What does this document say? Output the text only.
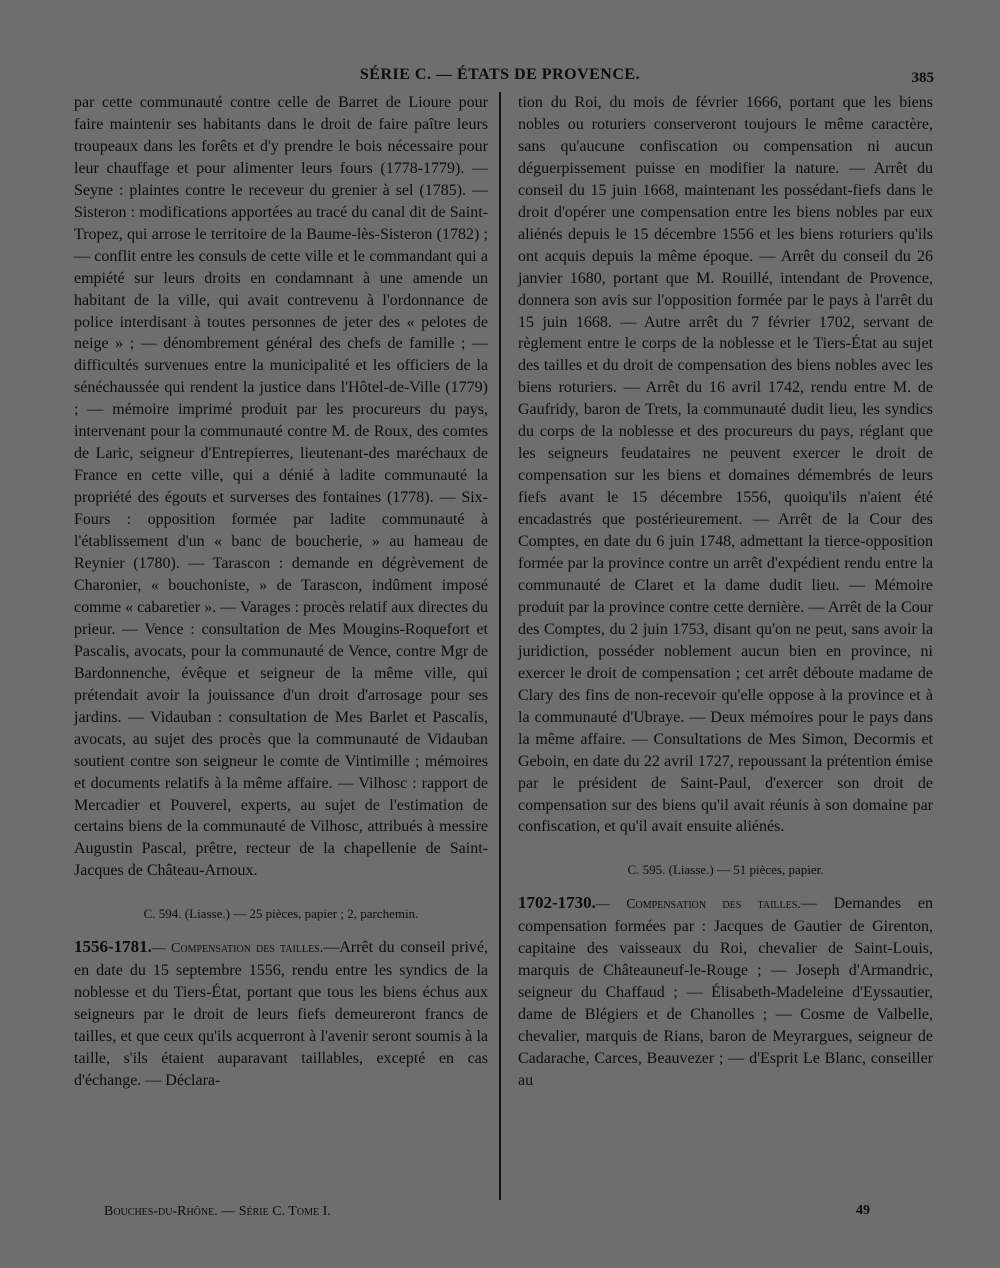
SÉRIE C. — ÉTATS DE PROVENCE.	385

par cette communauté contre celle de Barret de Lioure pour faire maintenir ses habitants dans le droit de faire paître leurs troupeaux dans les forêts et d'y prendre le bois nécessaire pour leur chauffage et pour alimenter leurs fours (1778-1779). — Seyne : plaintes contre le receveur du grenier à sel (1785). — Sisteron : modifications apportées au tracé du canal dit de Saint-Tropez, qui arrose le territoire de la Baume-lès-Sisteron (1782) ; — conflit entre les consuls de cette ville et le commandant qui a empiété sur leurs droits en condamnant à une amende un habitant de la ville, qui avait contrevenu à l'ordonnance de police interdisant à toutes personnes de jeter des « pelotes de neige » ; — dénombrement général des chefs de famille ; — difficultés survenues entre la municipalité et les officiers de la sénéchaussée qui rendent la justice dans l'Hôtel-de-Ville (1779) ; — mémoire imprimé produit par les procureurs du pays, intervenant pour la communauté contre M. de Roux, des comtes de Laric, seigneur d'Entrepierres, lieutenant-des maréchaux de France en cette ville, qui a dénié à ladite communauté la propriété des égouts et surverses des fontaines (1778). — Six-Fours : opposition formée par ladite communauté à l'établissement d'un « banc de boucherie, » au hameau de Reynier (1780). — Tarascon : demande en dégrèvement de Charonier, « bouchoniste, » de Tarascon, indûment imposé comme « cabaretier ». — Varages : procès relatif aux directes du prieur. — Vence : consultation de Mes Mougins-Roquefort et Pascalis, avocats, pour la communauté de Vence, contre Mgr de Bardonnenche, évêque et seigneur de la même ville, qui prétendait avoir la jouissance d'un droit d'arrosage pour ses jardins. — Vidauban : consultation de Mes Barlet et Pascalis, avocats, au sujet des procès que la communauté de Vidauban soutient contre son seigneur le comte de Vintimille ; mémoires et documents relatifs à la même affaire. — Vilhosc : rapport de Mercadier et Pouverel, experts, au sujet de l'estimation de certains biens de la communauté de Vilhosc, attribués à messire Augustin Pascal, prêtre, recteur de la chapellenie de Saint-Jacques de Château-Arnoux.

C. 594. (Liasse.) — 25 pièces, papier ; 2, parchemin.

1556-1781.— Compensation des tailles.—Arrêt du conseil privé, en date du 15 septembre 1556, rendu entre les syndics de la noblesse et du Tiers-État, portant que tous les biens échus aux seigneurs par le droit de leurs fiefs demeureront francs de tailles, et que ceux qu'ils acquerront à l'avenir seront soumis à la taille, s'ils étaient auparavant taillables, excepté en cas d'échange. — Déclara-

tion du Roi, du mois de février 1666, portant que les biens nobles ou roturiers conserveront toujours le même caractère, sans qu'aucune confiscation ou compensation ni aucun déguerpissement puisse en modifier la nature. — Arrêt du conseil du 15 juin 1668, maintenant les possédant-fiefs dans le droit d'opérer une compensation entre les biens nobles par eux aliénés depuis le 15 décembre 1556 et les biens roturiers qu'ils ont acquis depuis la même époque. — Arrêt du conseil du 26 janvier 1680, portant que M. Rouillé, intendant de Provence, donnera son avis sur l'opposition formée par le pays à l'arrêt du 15 juin 1668. — Autre arrêt du 7 février 1702, servant de règlement entre le corps de la noblesse et le Tiers-État au sujet des tailles et du droit de compensation des biens nobles avec les biens roturiers. — Arrêt du 16 avril 1742, rendu entre M. de Gaufridy, baron de Trets, la communauté dudit lieu, les syndics du corps de la noblesse et des procureurs du pays, réglant que les seigneurs feudataires ne peuvent exercer le droit de compensation sur les biens et domaines démembrés de leurs fiefs avant le 15 décembre 1556, quoiqu'ils n'aient été encadastrés que postérieurement. — Arrêt de la Cour des Comptes, en date du 6 juin 1748, admettant la tierce-opposition formée par la province contre un arrêt d'expédient rendu entre la communauté de Claret et la dame dudit lieu. — Mémoire produit par la province contre cette dernière. — Arrêt de la Cour des Comptes, du 2 juin 1753, disant qu'on ne peut, sans avoir la juridiction, posséder noblement aucun bien en province, ni exercer le droit de compensation ; cet arrêt déboute madame de Clary des fins de non-recevoir qu'elle oppose à la province et à la communauté d'Ubraye. — Deux mémoires pour le pays dans la même affaire. — Consultations de Mes Simon, Decormis et Geboin, en date du 22 avril 1727, repoussant la prétention émise par le président de Saint-Paul, d'exercer son droit de compensation sur des biens qu'il avait réunis à son domaine par confiscation, et qu'il avait ensuite aliénés.

C. 595. (Liasse.) — 51 pièces, papier.

1702-1730.— Compensation des tailles.— Demandes en compensation formées par : Jacques de Gautier de Girenton, capitaine des vaisseaux du Roi, chevalier de Saint-Louis, marquis de Châteauneuf-le-Rouge ; — Joseph d'Armandric, seigneur du Chaffaud ; — Élisabeth-Madeleine d'Eyssautier, dame de Blégiers et de Chanolles ; — Cosme de Valbelle, chevalier, marquis de Rians, baron de Meyrargues, seigneur de Cadarache, Carces, Beauvezer ; — d'Esprit Le Blanc, conseiller au

Bouches-du-Rhône. — Série C. Tome I.	49
